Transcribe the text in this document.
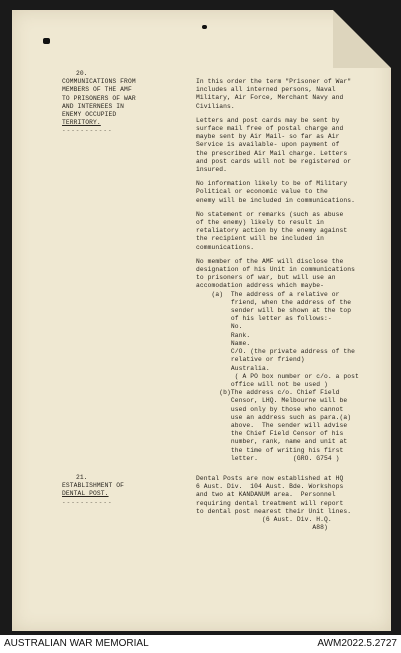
20.
COMMUNICATIONS FROM
MEMBERS OF THE AMF
TO PRISONERS OF WAR
AND INTERNEES IN
ENEMY OCCUPIED
TERRITORY.
-----------
In this order the term "Prisoner of War"
includes all interned persons, Naval
Military, Air Force, Merchant Navy and
Civilians.
Letters and post cards may be sent by
surface mail free of postal charge and
maybe sent by Air Mail- so far as Air
Service is available- upon payment of
the prescribed Air Mail charge. Letters
and post cards will not be registered or
insured.
No information likely to be of Military
Political or economic value to the
enemy will be included in communications.
No statement or remarks (such as abuse
of the enemy) likely to result in
retaliatory action by the enemy against
the recipient will be included in
communications.
No member of the AMF will disclose the
designation of his Unit in communications
to prisoners of war, but will use an
accomodation address which maybe-
(a)  The address of a relative or
friend, when the address of the
sender will be shown at the top
of his letter as follows:-
No.
Rank.
Name.
C/O. (the private address of the
relative or friend)
Australia.
( A PO box number or c/o. a post
office will not be used )
(b)The address c/o. Chief Field
Censor, LHQ. Melbourne will be
used only by those who cannot
use an address such as para.(a)
above.  The sender will advise
the Chief Field Censor of his
number, rank, name and unit at
the time of writing his first
letter.         (GRO. G754 )
21.
ESTABLISHMENT OF
DENTAL POST.
-----------
Dental Posts are now established at HQ
6 Aust. Div.  104 Aust. Bde. Workshops
and two at KANDANUM area.  Personnel
requiring dental treatment will report
to dental post nearest their Unit lines.
(6 Aust. Div. H.Q.
A88)
AUSTRALIAN WAR MEMORIAL	AWM2022.5.2727
